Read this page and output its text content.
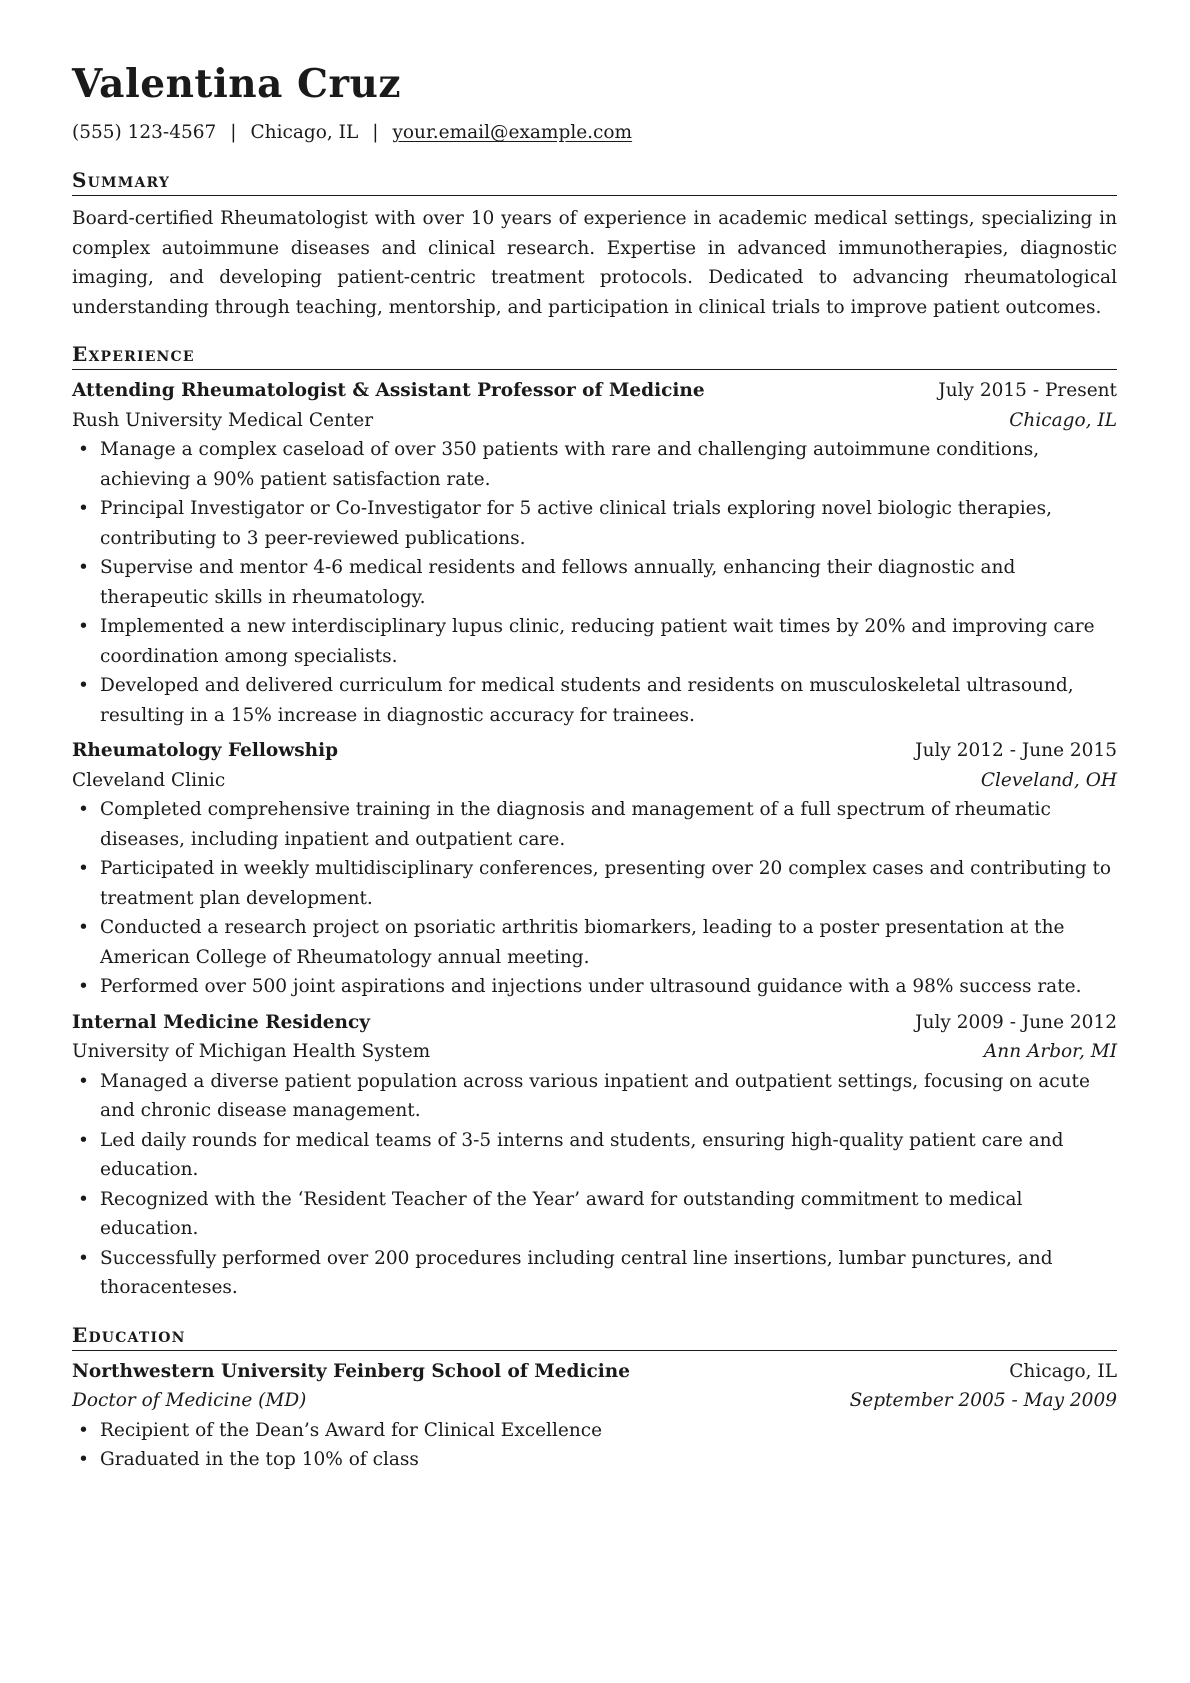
Valentina Cruz
(555) 123-4567 | Chicago, IL | your.email@example.com
Summary
Board-certified Rheumatologist with over 10 years of experience in academic medical settings, specializing in complex autoimmune diseases and clinical research. Expertise in advanced immunotherapies, diagnostic imaging, and developing patient-centric treatment protocols. Dedicated to advancing rheumatological understanding through teaching, mentorship, and participation in clinical trials to improve patient outcomes.
Experience
Attending Rheumatologist & Assistant Professor of Medicine	July 2015 - Present
Rush University Medical Center	Chicago, IL
• Manage a complex caseload of over 350 patients with rare and challenging autoimmune conditions, achieving a 90% patient satisfaction rate.
• Principal Investigator or Co-Investigator for 5 active clinical trials exploring novel biologic therapies, contributing to 3 peer-reviewed publications.
• Supervise and mentor 4-6 medical residents and fellows annually, enhancing their diagnostic and therapeutic skills in rheumatology.
• Implemented a new interdisciplinary lupus clinic, reducing patient wait times by 20% and improving care coordination among specialists.
• Developed and delivered curriculum for medical students and residents on musculoskeletal ultrasound, resulting in a 15% increase in diagnostic accuracy for trainees.
Rheumatology Fellowship	July 2012 - June 2015
Cleveland Clinic	Cleveland, OH
• Completed comprehensive training in the diagnosis and management of a full spectrum of rheumatic diseases, including inpatient and outpatient care.
• Participated in weekly multidisciplinary conferences, presenting over 20 complex cases and contributing to treatment plan development.
• Conducted a research project on psoriatic arthritis biomarkers, leading to a poster presentation at the American College of Rheumatology annual meeting.
• Performed over 500 joint aspirations and injections under ultrasound guidance with a 98% success rate.
Internal Medicine Residency	July 2009 - June 2012
University of Michigan Health System	Ann Arbor, MI
• Managed a diverse patient population across various inpatient and outpatient settings, focusing on acute and chronic disease management.
• Led daily rounds for medical teams of 3-5 interns and students, ensuring high-quality patient care and education.
• Recognized with the ‘Resident Teacher of the Year’ award for outstanding commitment to medical education.
• Successfully performed over 200 procedures including central line insertions, lumbar punctures, and thoracenteses.
Education
Northwestern University Feinberg School of Medicine	Chicago, IL
Doctor of Medicine (MD)	September 2005 - May 2009
• Recipient of the Dean’s Award for Clinical Excellence
• Graduated in the top 10% of class
